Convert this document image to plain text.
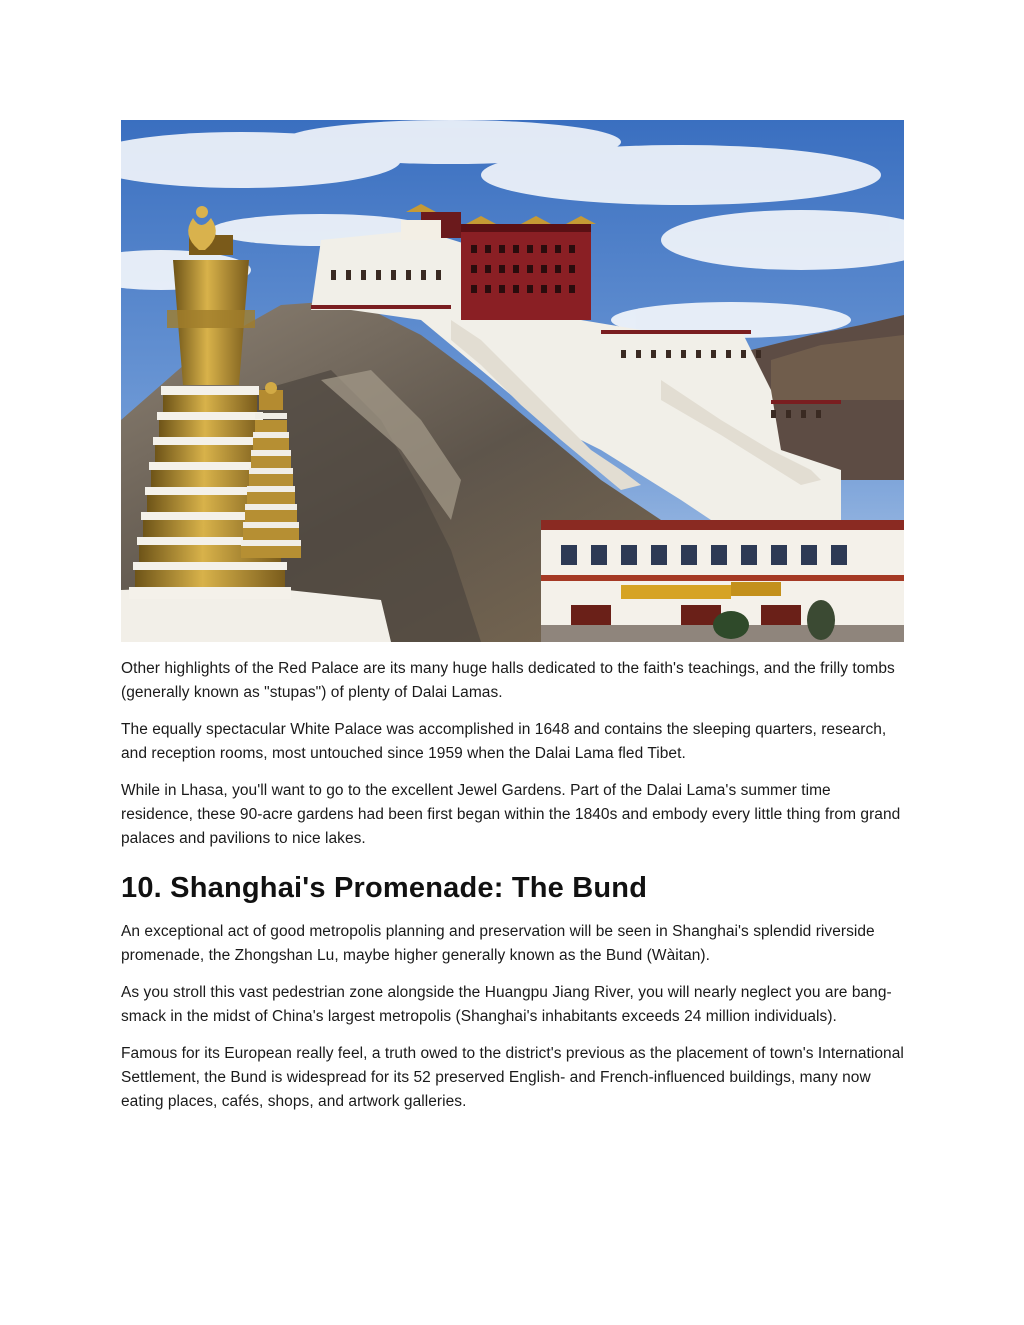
Other highlights of the Red Palace are its many huge halls dedicated to the faith's teachings, and the frilly tombs (generally known as "stupas") of plenty of Dalai Lamas.

The equally spectacular White Palace was accomplished in 1648 and contains the sleeping quarters, research, and reception rooms, most untouched since 1959 when the Dalai Lama fled Tibet.

While in Lhasa, you'll want to go to the excellent Jewel Gardens. Part of the Dalai Lama's summer time residence, these 90-acre gardens had been first began within the 1840s and embody every little thing from grand palaces and pavilions to nice lakes.

10. Shanghai's Promenade: The Bund

An exceptional act of good metropolis planning and preservation will be seen in Shanghai's splendid riverside promenade, the Zhongshan Lu, maybe higher generally known as the Bund (Wàitan).

As you stroll this vast pedestrian zone alongside the Huangpu Jiang River, you will nearly neglect you are bang-smack in the midst of China's largest metropolis (Shanghai's inhabitants exceeds 24 million individuals).

Famous for its European really feel, a truth owed to the district's previous as the placement of town's International Settlement, the Bund is widespread for its 52 preserved English- and French-influenced buildings, many now eating places, cafés, shops, and artwork galleries.
